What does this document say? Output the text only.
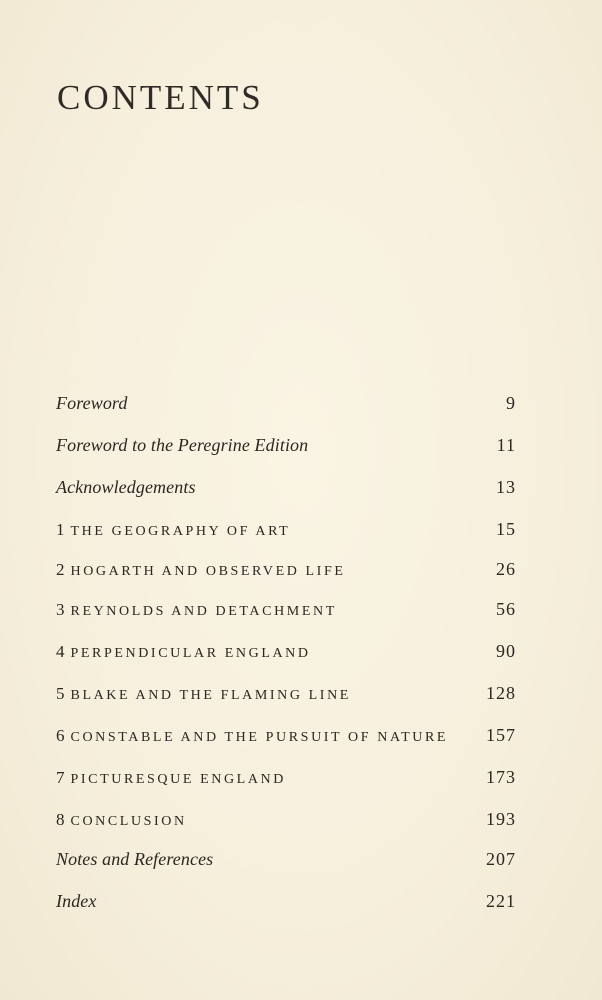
CONTENTS
Foreword	9
Foreword to the Peregrine Edition	11
Acknowledgements	13
1 THE GEOGRAPHY OF ART	15
2 HOGARTH AND OBSERVED LIFE	26
3 REYNOLDS AND DETACHMENT	56
4 PERPENDICULAR ENGLAND	90
5 BLAKE AND THE FLAMING LINE	128
6 CONSTABLE AND THE PURSUIT OF NATURE	157
7 PICTURESQUE ENGLAND	173
8 CONCLUSION	193
Notes and References	207
Index	221
